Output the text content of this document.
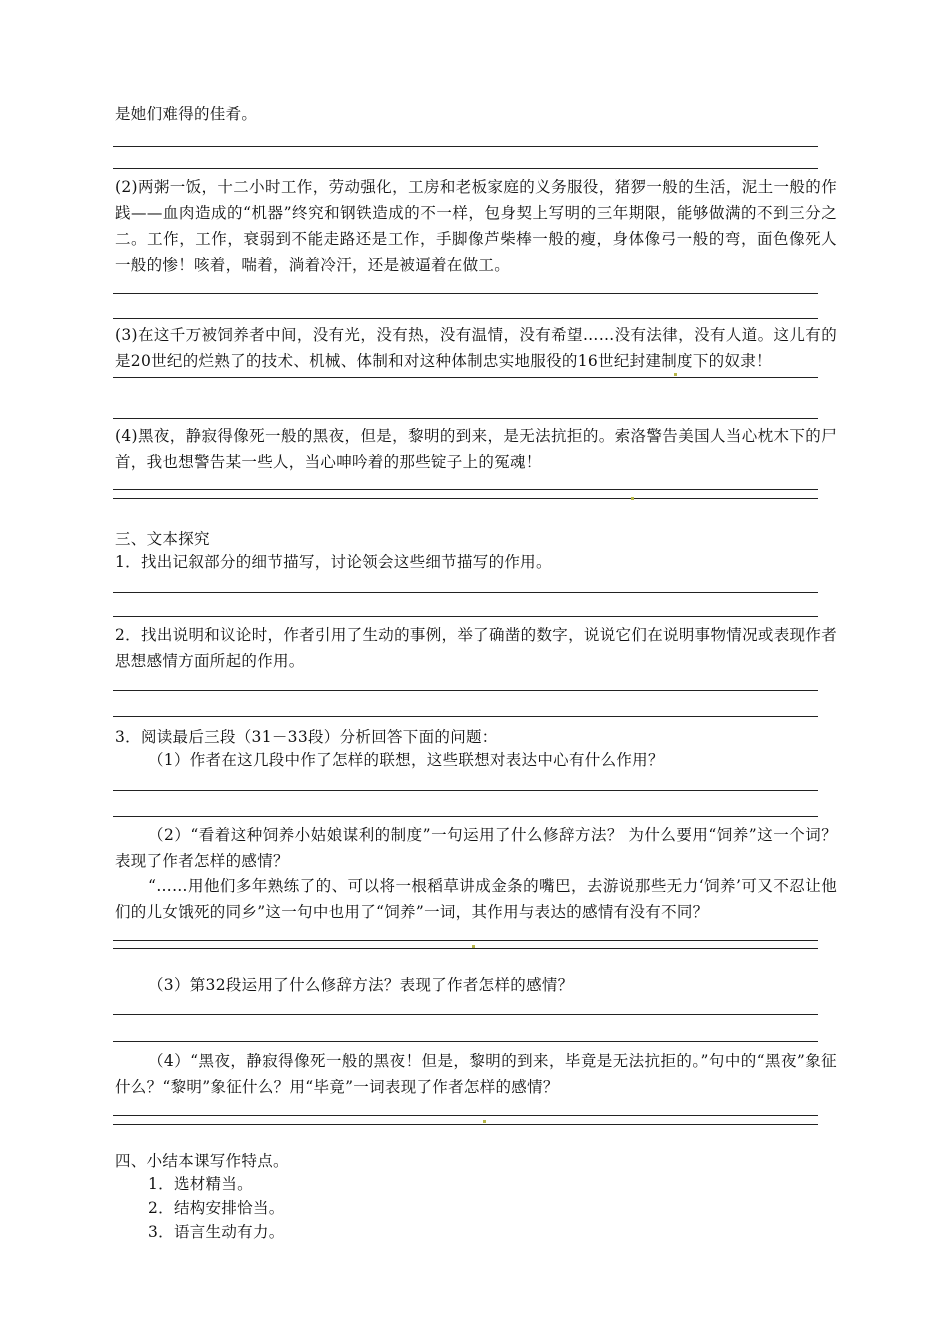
是她们难得的佳肴。

(2)两粥一饭，十二小时工作，劳动强化，工房和老板家庭的义务服役，猪猡一般的生活，泥土一般的作践——血肉造成的“机器”终究和钢铁造成的不一样，包身契上写明的三年期限，能够做满的不到三分之二。工作，工作，衰弱到不能走路还是工作，手脚像芦柴棒一般的瘦，身体像弓一般的弯，面色像死人一般的惨！咳着，喘着，淌着冷汗，还是被逼着在做工。

(3)在这千万被饲养者中间，没有光，没有热，没有温情，没有希望……没有法律，没有人道。这儿有的是20世纪的烂熟了的技术、机械、体制和对这种体制忠实地服役的16世纪封建制度下的奴隶！

(4)黑夜，静寂得像死一般的黑夜，但是，黎明的到来，是无法抗拒的。索洛警告美国人当心枕木下的尸首，我也想警告某一些人，当心呻吟着的那些锭子上的冤魂！

三、文本探究

1．找出记叙部分的细节描写，讨论领会这些细节描写的作用。

2．找出说明和议论时，作者引用了生动的事例，举了确凿的数字，说说它们在说明事物情况或表现作者思想感情方面所起的作用。

3．阅读最后三段（31－33段）分析回答下面的问题：

（1）作者在这几段中作了怎样的联想，这些联想对表达中心有什么作用？

（2）“看着这种饲养小姑娘谋利的制度”一句运用了什么修辞方法？ 为什么要用“饲养”这一个词？表现了作者怎样的感情？

“……用他们多年熟练了的、可以将一根稻草讲成金条的嘴巴，去游说那些无力‘饲养’可又不忍让他们的儿女饿死的同乡”这一句中也用了“饲养”一词，其作用与表达的感情有没有不同？

（3）第32段运用了什么修辞方法？表现了作者怎样的感情？

（4）“黑夜，静寂得像死一般的黑夜！但是，黎明的到来，毕竟是无法抗拒的。”句中的“黑夜”象征什么？“黎明”象征什么？用“毕竟”一词表现了作者怎样的感情？

四、小结本课写作特点。

1．选材精当。

2．结构安排恰当。

3．语言生动有力。
